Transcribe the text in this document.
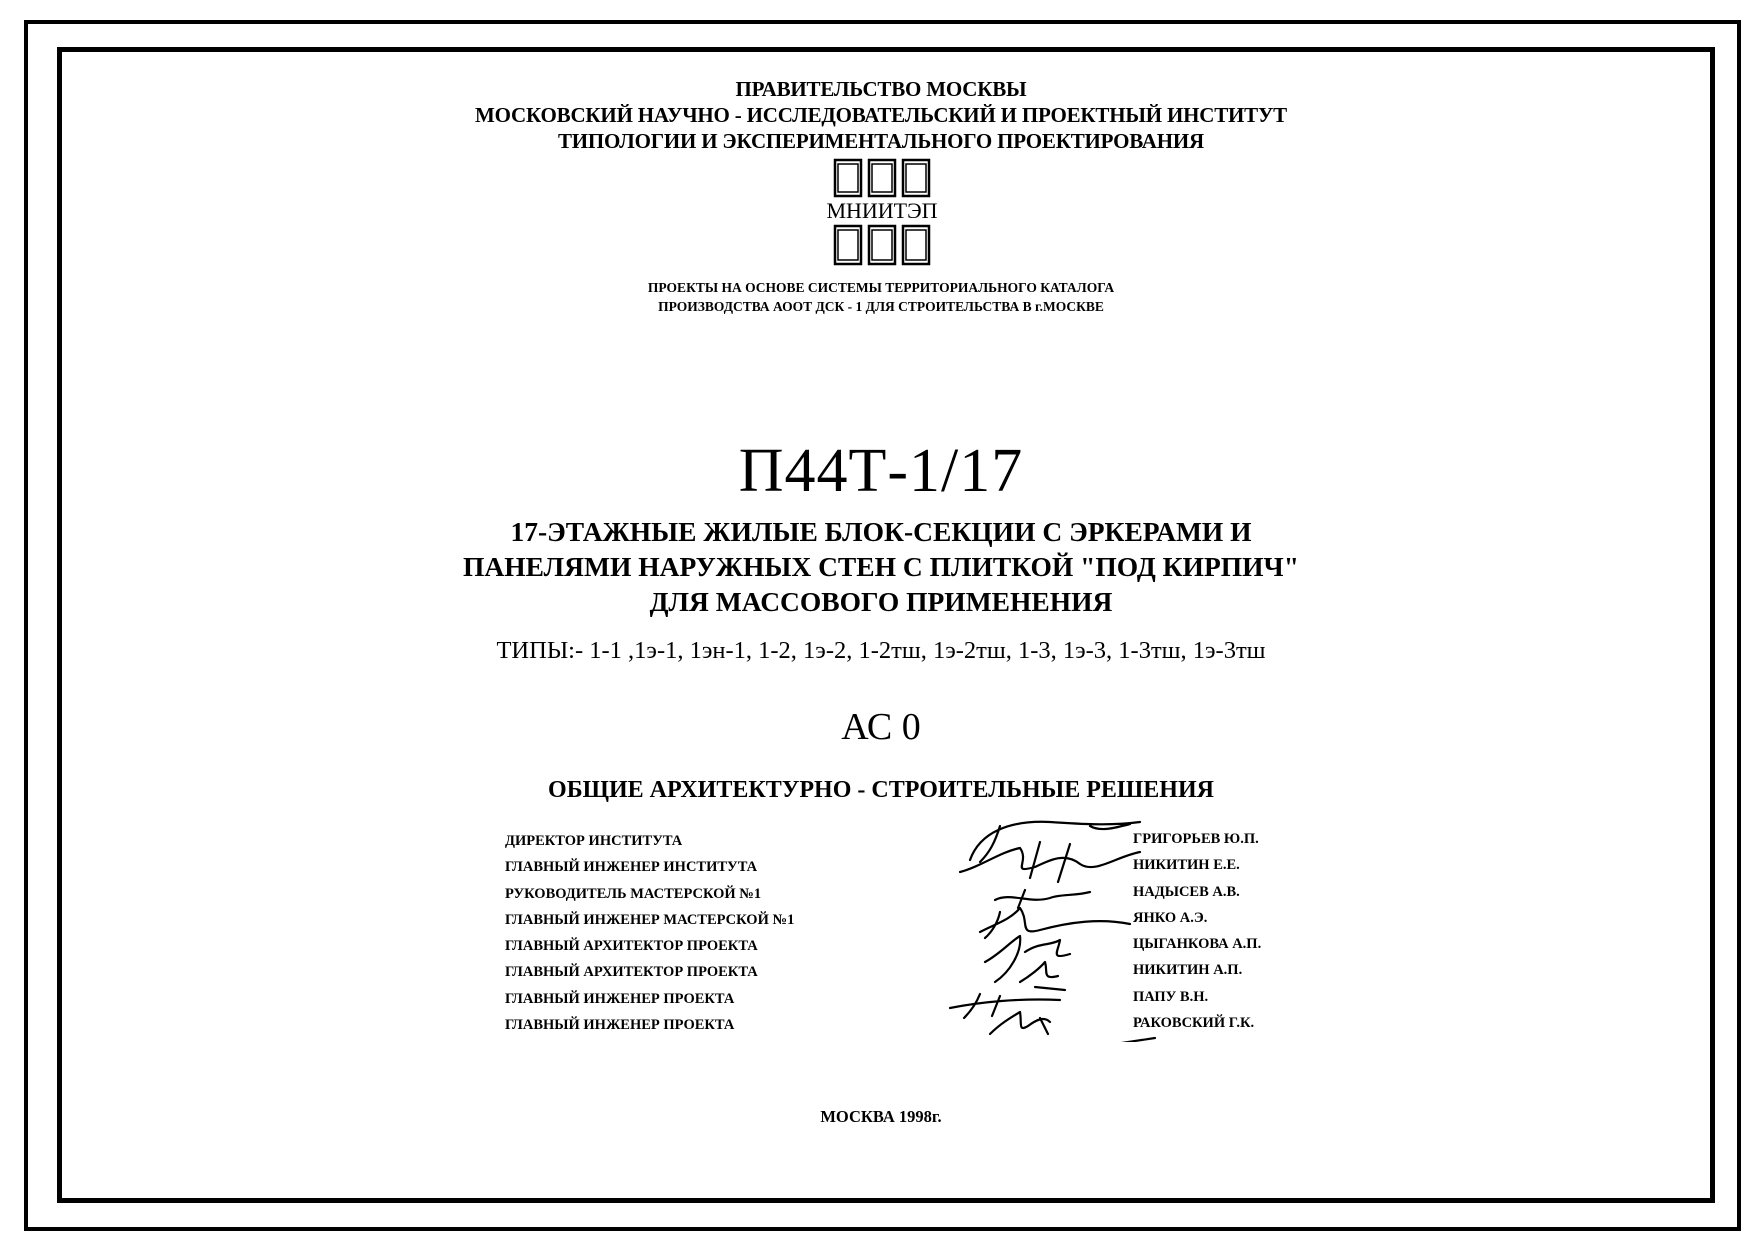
ПРАВИТЕЛЬСТВО МОСКВЫ
МОСКОВСКИЙ НАУЧНО - ИССЛЕДОВАТЕЛЬСКИЙ И ПРОЕКТНЫЙ ИНСТИТУТ
ТИПОЛОГИИ И ЭКСПЕРИМЕНТАЛЬНОГО ПРОЕКТИРОВАНИЯ
МНИИТЭП
ПРОЕКТЫ НА ОСНОВЕ СИСТЕМЫ ТЕРРИТОРИАЛЬНОГО КАТАЛОГА
ПРОИЗВОДСТВА АООТ ДСК - 1 ДЛЯ СТРОИТЕЛЬСТВА В г.МОСКВЕ
П44Т-1/17
17-ЭТАЖНЫЕ ЖИЛЫЕ БЛОК-СЕКЦИИ С ЭРКЕРАМИ И
ПАНЕЛЯМИ НАРУЖНЫХ СТЕН С ПЛИТКОЙ "ПОД КИРПИЧ"
ДЛЯ МАССОВОГО ПРИМЕНЕНИЯ
ТИПЫ:- 1-1 ,1э-1, 1эн-1, 1-2, 1э-2, 1-2тш, 1э-2тш, 1-3, 1э-3, 1-3тш, 1э-3тш
АС 0
ОБЩИЕ АРХИТЕКТУРНО - СТРОИТЕЛЬНЫЕ РЕШЕНИЯ
ДИРЕКТОР ИНСТИТУТА
ГЛАВНЫЙ ИНЖЕНЕР ИНСТИТУТА
РУКОВОДИТЕЛЬ МАСТЕРСКОЙ №1
ГЛАВНЫЙ ИНЖЕНЕР МАСТЕРСКОЙ №1
ГЛАВНЫЙ АРХИТЕКТОР ПРОЕКТА
ГЛАВНЫЙ АРХИТЕКТОР ПРОЕКТА
ГЛАВНЫЙ ИНЖЕНЕР ПРОЕКТА
ГЛАВНЫЙ ИНЖЕНЕР ПРОЕКТА
ГРИГОРЬЕВ Ю.П.
НИКИТИН Е.Е.
НАДЫСЕВ А.В.
ЯНКО А.Э.
ЦЫГАНКОВА А.П.
НИКИТИН А.П.
ПАПУ В.Н.
РАКОВСКИЙ Г.К.
МОСКВА 1998г.
